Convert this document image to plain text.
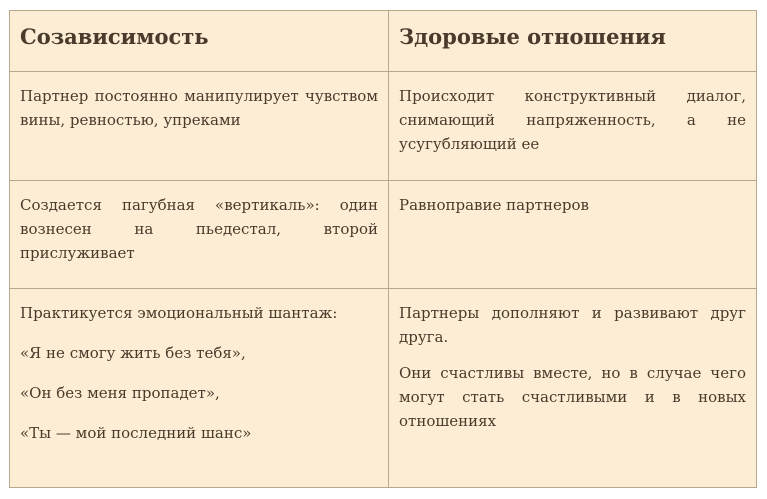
Созависимость	Здоровые отношения

Партнер постоянно манипулирует чувством вины, ревностью, упреками

Происходит конструктивный диалог, снимающий напряженность, а не усугубляющий ее

Создается пагубная «вертикаль»: один вознесен на пьедестал, второй прислуживает

Равноправие партнеров

Практикуется эмоциональный шантаж:

«Я не смогу жить без тебя»,

«Он без меня пропадет»,

«Ты — мой последний шанс»

Партнеры дополняют и развивают друг друга.

Они счастливы вместе, но в случае чего могут стать счастливыми и в новых отношениях
